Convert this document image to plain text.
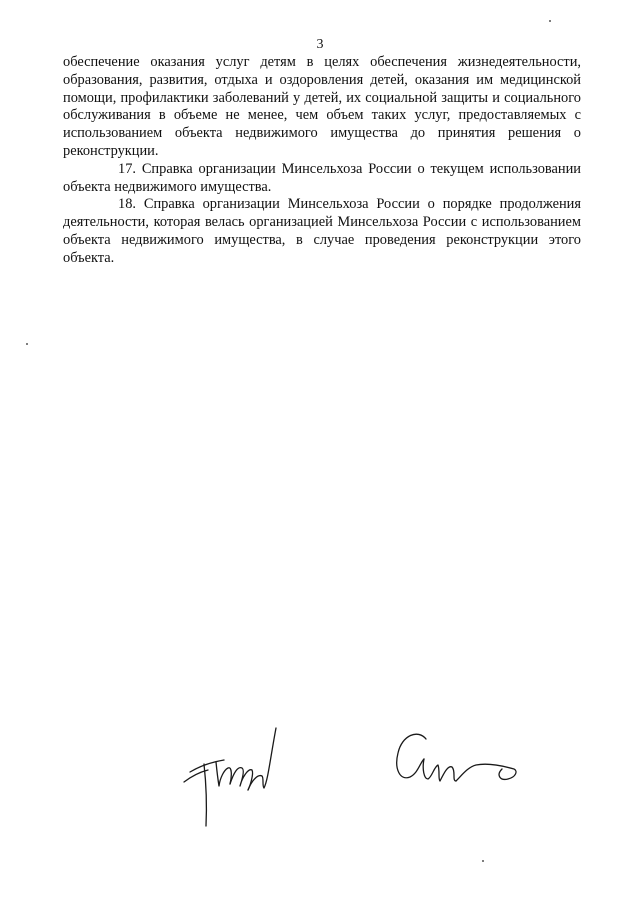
3

обеспечение оказания услуг детям в целях обеспечения жизнедеятельности, образования, развития, отдыха и оздоровления детей, оказания им медицинской помощи, профилактики заболеваний у детей, их социальной защиты и социального обслуживания в объеме не менее, чем объем таких услуг, предоставляемых с использованием объекта недвижимого имущества до принятия решения о реконструкции.

17. Справка организации Минсельхоза России о текущем использовании объекта недвижимого имущества.

18. Справка организации Минсельхоза России о порядке продолжения деятельности, которая велась организацией Минсельхоза России с использованием объекта недвижимого имущества, в случае проведения реконструкции этого объекта.
